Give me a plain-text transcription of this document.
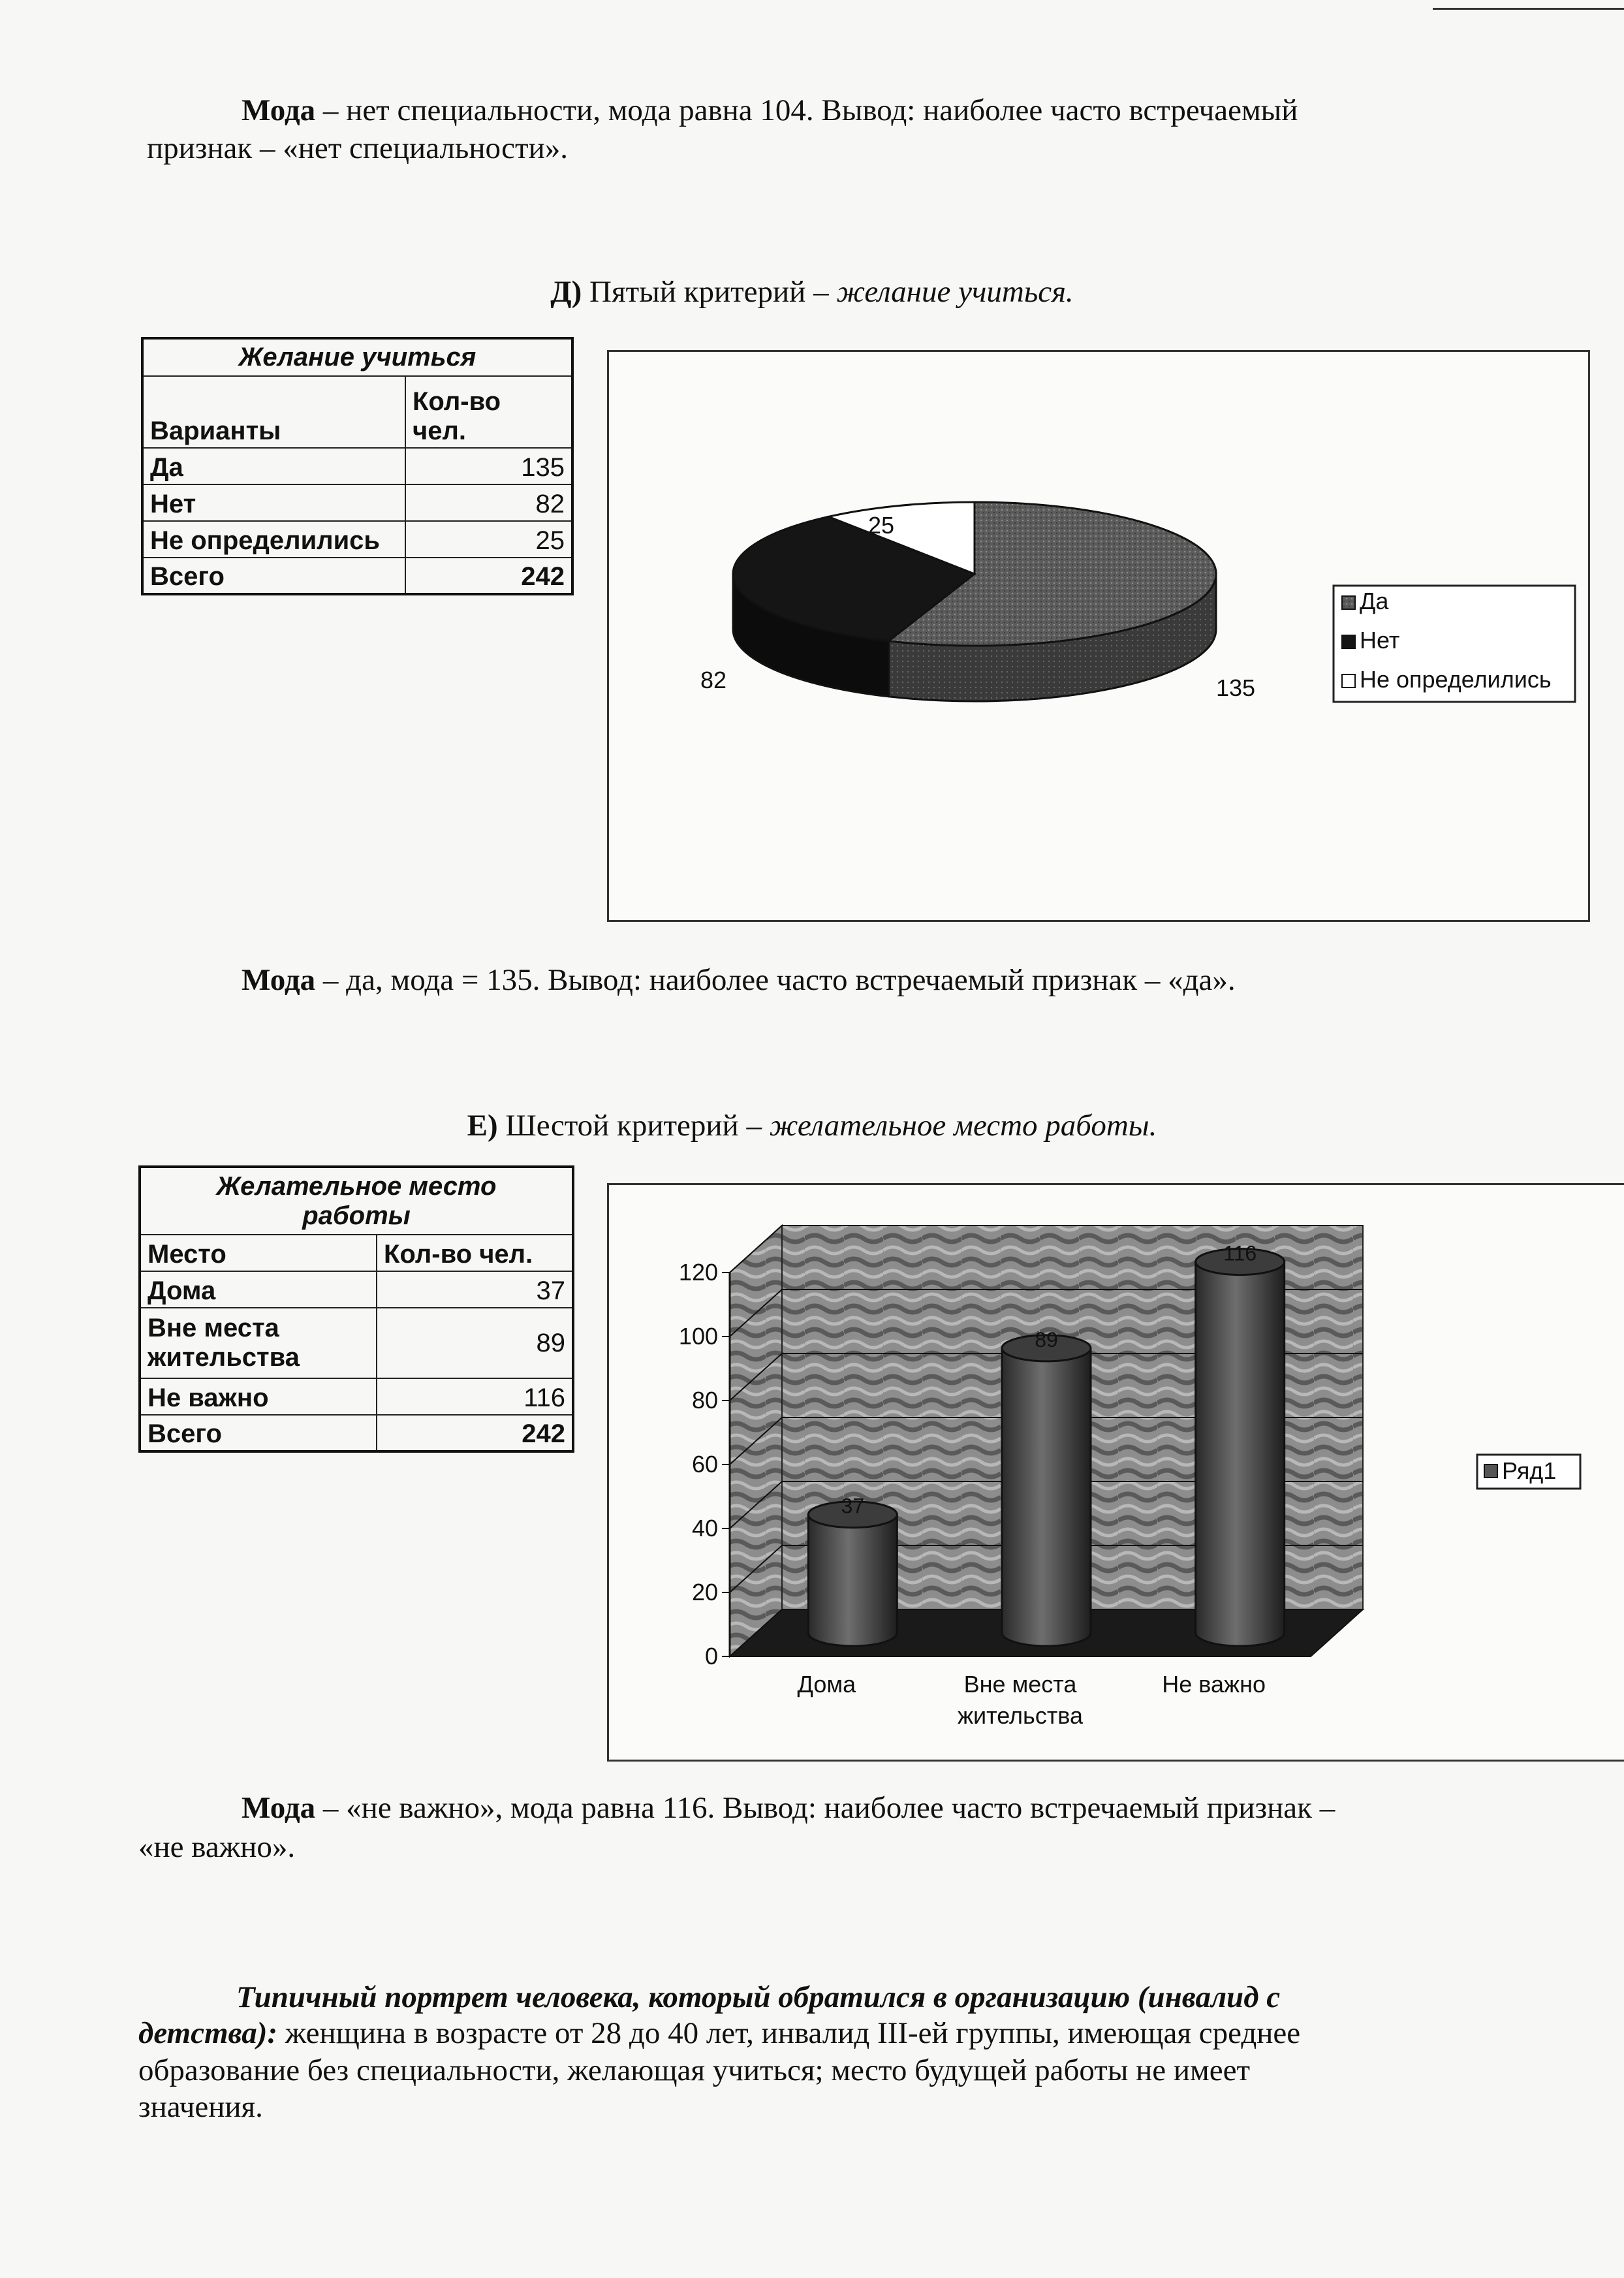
Мода – нет специальности, мода равна 104. Вывод: наиболее часто встречаемый

признак – «нет специальности».

Д) Пятый критерий – желание учиться.

Желание учиться	
Варианты	Кол-во
чел.

Да	135
Нет	82
Не определились	25
Всего	242
Да
Нет
Не определились
25
82	135

Мода – да, мода = 135. Вывод: наиболее часто встречаемый признак – «да».

Е) Шестой критерий – желательное место работы.

Желательное место
работы	

Место	Кол-во чел.
Дома	37

Вне места
жительства	89
Не важно	116
Всего	242
0
20
40
60
80
100
120
37
Дома
89
Вне места
жительства
116
Не важно
Ряд1

Мода – «не важно», мода равна 116. Вывод: наиболее часто встречаемый признак –

«не важно».

Типичный портрет человека, который обратился в организацию (инвалид с

детства): женщина в возрасте от 28 до 40 лет, инвалид III-ей группы, имеющая среднее

образование без специальности, желающая учиться; место будущей работы не имеет

значения.
